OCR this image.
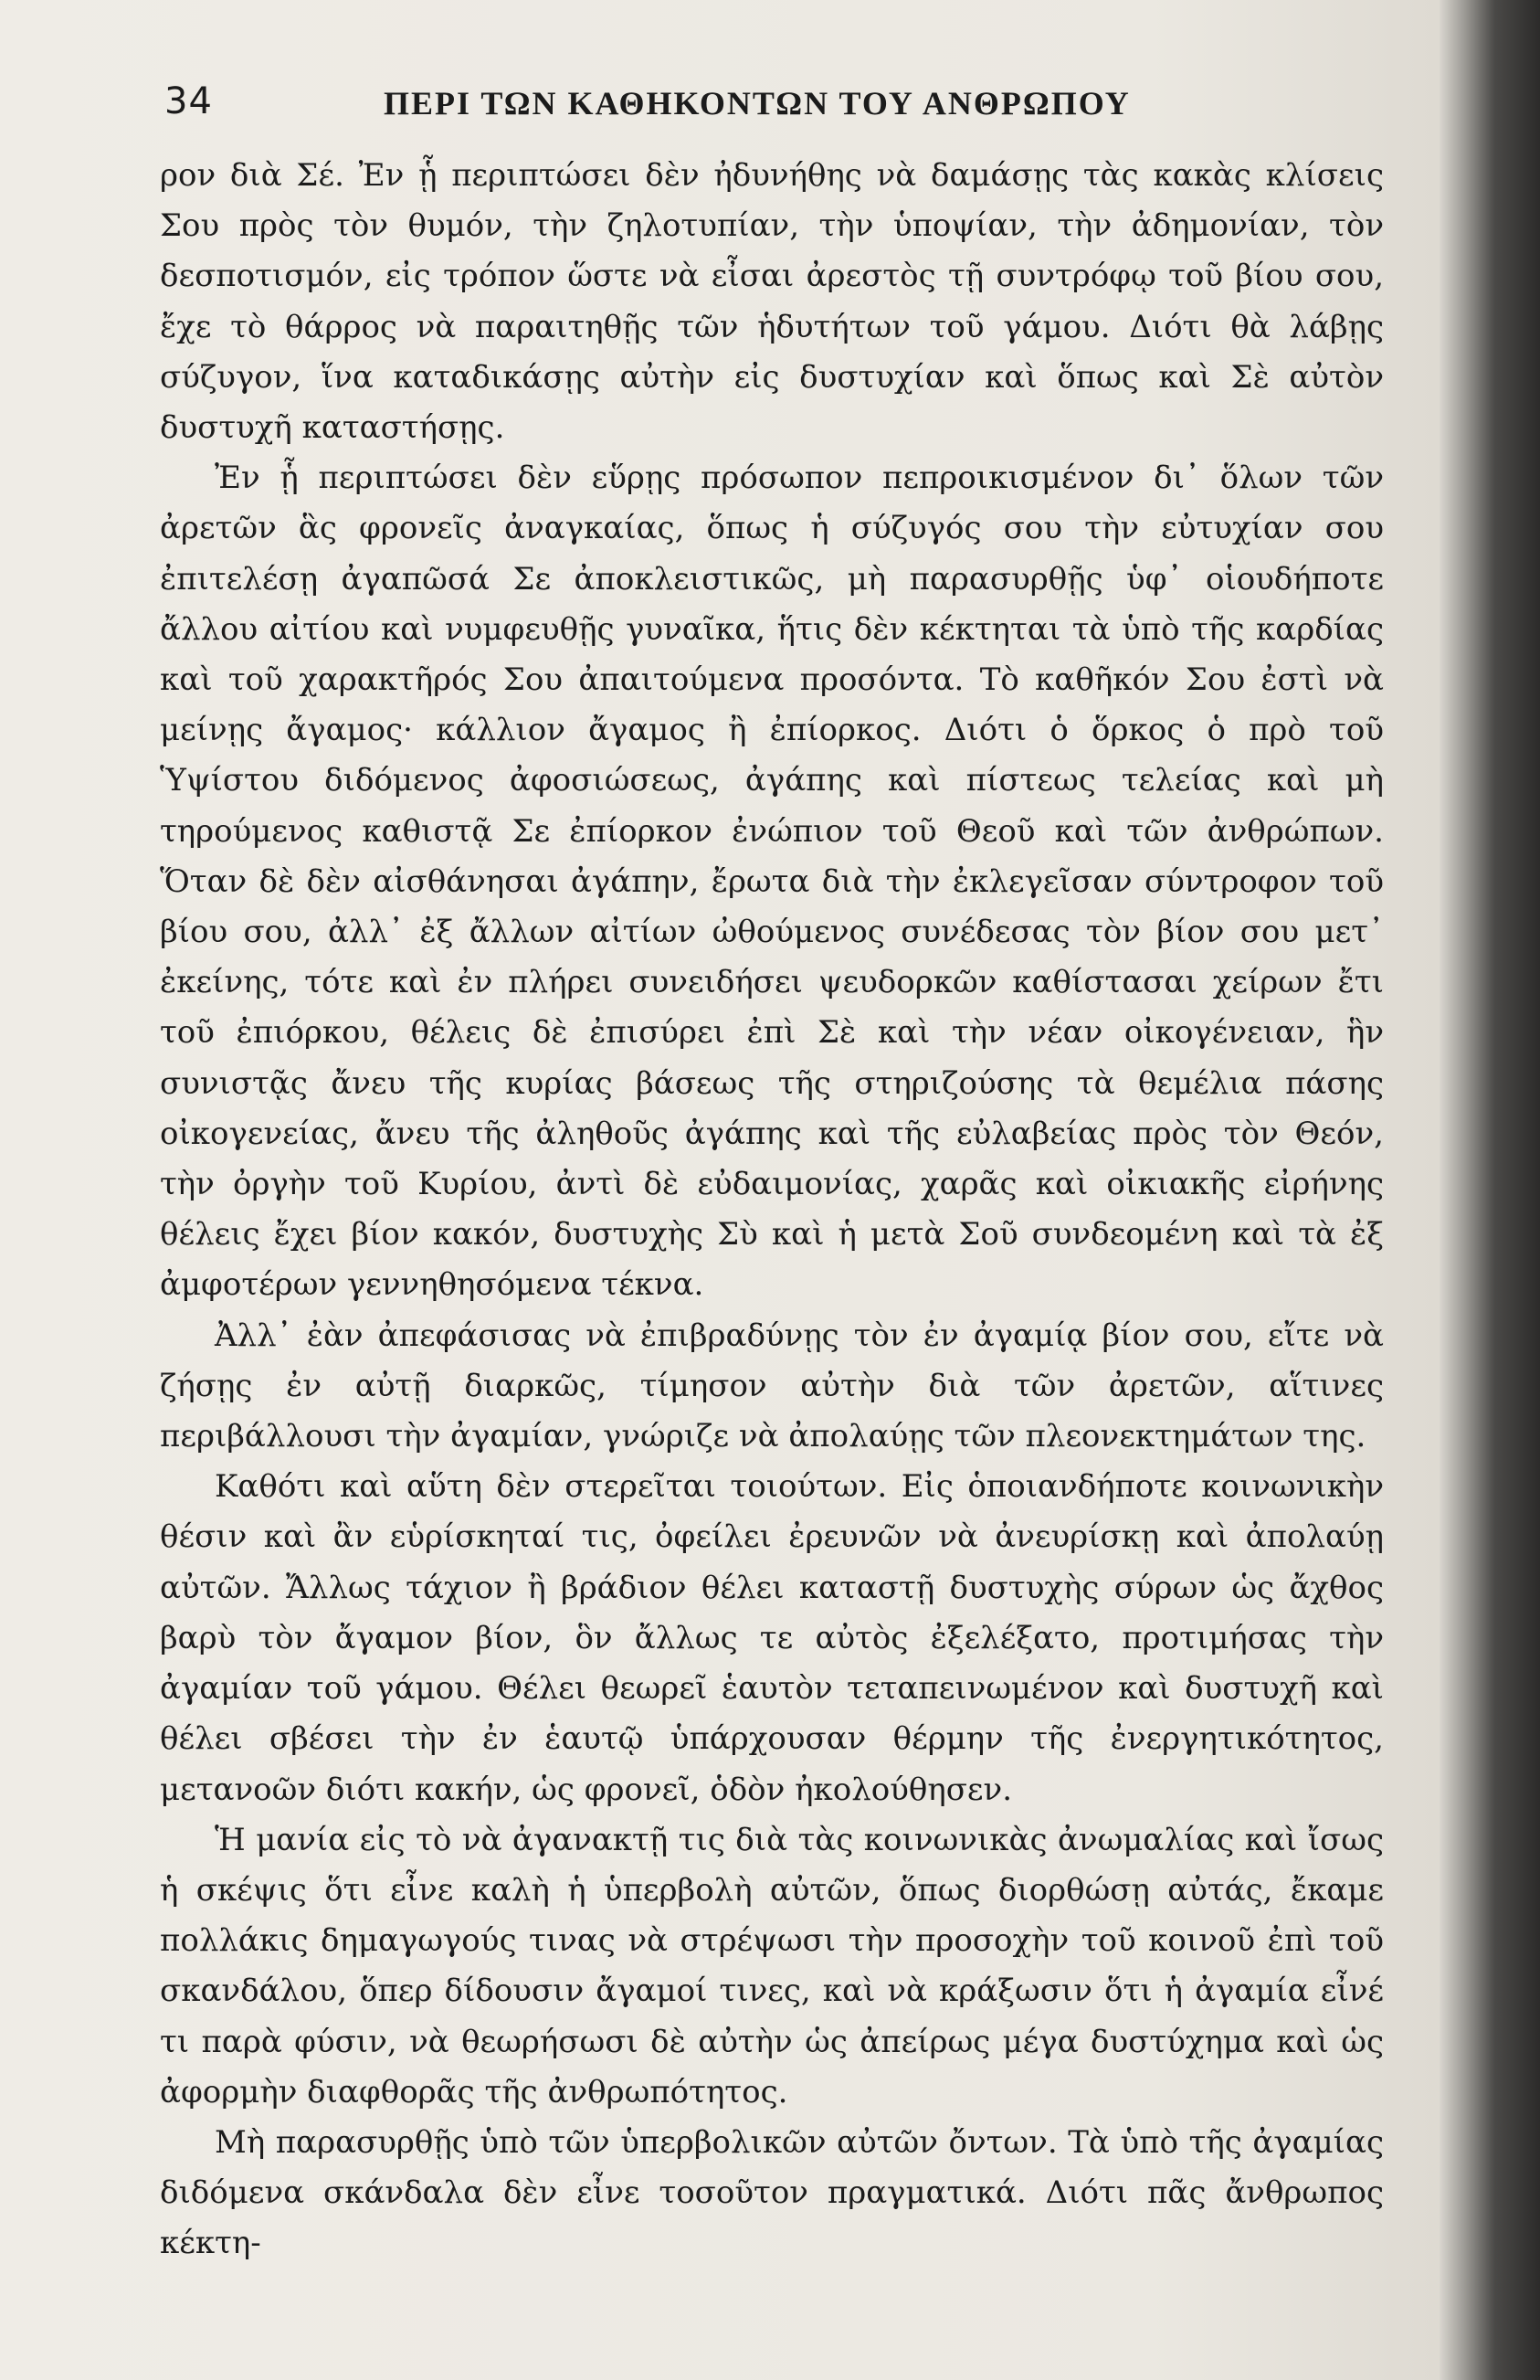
34	ΠΕΡΙ ΤΩΝ ΚΑΘΗΚΟΝΤΩΝ ΤΟΥ ΑΝΘΡΩΠΟΥ

ρον διὰ Σέ. Ἐν ᾗ περιπτώσει δὲν ἠδυνήθης νὰ δαμάσῃς τὰς κακὰς κλίσεις Σου πρὸς τὸν θυμόν, τὴν ζηλοτυπίαν, τὴν ὑποψίαν, τὴν ἀδημονίαν, τὸν δεσποτισμόν, εἰς τρόπον ὥστε νὰ εἶσαι ἀρεστὸς τῇ συντρόφῳ τοῦ βίου σου, ἔχε τὸ θάρρος νὰ παραιτηθῇς τῶν ἡδυτήτων τοῦ γάμου. Διότι θὰ λάβῃς σύζυγον, ἵνα καταδικάσῃς αὐτὴν εἰς δυστυχίαν καὶ ὅπως καὶ Σὲ αὐτὸν δυστυχῆ καταστήσῃς.

Ἐν ᾗ περιπτώσει δὲν εὕρῃς πρόσωπον πεπροικισμένον δι᾽ ὅλων τῶν ἀρετῶν ἃς φρονεῖς ἀναγκαίας, ὅπως ἡ σύζυγός σου τὴν εὐτυχίαν σου ἐπιτελέσῃ ἀγαπῶσά Σε ἀποκλειστικῶς, μὴ παρασυρθῇς ὑφ᾽ οἱουδήποτε ἄλλου αἰτίου καὶ νυμφευθῇς γυναῖκα, ἥτις δὲν κέκτηται τὰ ὑπὸ τῆς καρδίας καὶ τοῦ χαρακτῆρός Σου ἀπαιτούμενα προσόντα. Τὸ καθῆκόν Σου ἐστὶ νὰ μείνῃς ἄγαμος· κάλλιον ἄγαμος ἢ ἐπίορκος. Διότι ὁ ὅρκος ὁ πρὸ τοῦ Ὑψίστου διδόμενος ἀφοσιώσεως, ἀγάπης καὶ πίστεως τελείας καὶ μὴ τηρούμενος καθιστᾷ Σε ἐπίορκον ἐνώπιον τοῦ Θεοῦ καὶ τῶν ἀνθρώπων. Ὅταν δὲ δὲν αἰσθάνησαι ἀγάπην, ἔρωτα διὰ τὴν ἐκλεγεῖσαν σύντροφον τοῦ βίου σου, ἀλλ᾽ ἐξ ἄλλων αἰτίων ὠθούμενος συνέδεσας τὸν βίον σου μετ᾽ ἐκείνης, τότε καὶ ἐν πλήρει συνειδήσει ψευδορκῶν καθίστασαι χείρων ἔτι τοῦ ἐπιόρκου, θέλεις δὲ ἐπισύρει ἐπὶ Σὲ καὶ τὴν νέαν οἰκογένειαν, ἣν συνιστᾷς ἄνευ τῆς κυρίας βάσεως τῆς στηριζούσης τὰ θεμέλια πάσης οἰκογενείας, ἄνευ τῆς ἀληθοῦς ἀγάπης καὶ τῆς εὐλαβείας πρὸς τὸν Θεόν, τὴν ὀργὴν τοῦ Κυρίου, ἀντὶ δὲ εὐδαιμονίας, χαρᾶς καὶ οἰκιακῆς εἰρήνης θέλεις ἔχει βίον κακόν, δυστυχὴς Σὺ καὶ ἡ μετὰ Σοῦ συνδεομένη καὶ τὰ ἐξ ἀμφοτέρων γεννηθησόμενα τέκνα.

Ἀλλ᾽ ἐὰν ἀπεφάσισας νὰ ἐπιβραδύνῃς τὸν ἐν ἀγαμίᾳ βίον σου, εἴτε νὰ ζήσῃς ἐν αὐτῇ διαρκῶς, τίμησον αὐτὴν διὰ τῶν ἀρετῶν, αἵτινες περιβάλλουσι τὴν ἀγαμίαν, γνώριζε νὰ ἀπολαύῃς τῶν πλεονεκτημάτων της.

Καθότι καὶ αὕτη δὲν στερεῖται τοιούτων. Εἰς ὁποιανδήποτε κοινωνικὴν θέσιν καὶ ἂν εὑρίσκηταί τις, ὀφείλει ἐρευνῶν νὰ ἀνευρίσκῃ καὶ ἀπολαύῃ αὐτῶν. Ἄλλως τάχιον ἢ βράδιον θέλει καταστῇ δυστυχὴς σύρων ὡς ἄχθος βαρὺ τὸν ἄγαμον βίον, ὃν ἄλλως τε αὐτὸς ἐξελέξατο, προτιμήσας τὴν ἀγαμίαν τοῦ γάμου. Θέλει θεωρεῖ ἑαυτὸν τεταπεινωμένον καὶ δυστυχῆ καὶ θέλει σβέσει τὴν ἐν ἑαυτῷ ὑπάρχουσαν θέρμην τῆς ἐνεργητικότητος, μετανοῶν διότι κακήν, ὡς φρονεῖ, ὁδὸν ἠκολούθησεν.

Ἡ μανία εἰς τὸ νὰ ἀγανακτῇ τις διὰ τὰς κοινωνικὰς ἀνωμαλίας καὶ ἴσως ἡ σκέψις ὅτι εἶνε καλὴ ἡ ὑπερβολὴ αὐτῶν, ὅπως διορθώσῃ αὐτάς, ἔκαμε πολλάκις δημαγωγούς τινας νὰ στρέψωσι τὴν προσοχὴν τοῦ κοινοῦ ἐπὶ τοῦ σκανδάλου, ὅπερ δίδουσιν ἄγαμοί τινες, καὶ νὰ κράξωσιν ὅτι ἡ ἀγαμία εἶνέ τι παρὰ φύσιν, νὰ θεωρήσωσι δὲ αὐτὴν ὡς ἀπείρως μέγα δυστύχημα καὶ ὡς ἀφορμὴν διαφθορᾶς τῆς ἀνθρωπότητος.

Μὴ παρασυρθῇς ὑπὸ τῶν ὑπερβολικῶν αὐτῶν ὄντων. Τὰ ὑπὸ τῆς ἀγαμίας διδόμενα σκάνδαλα δὲν εἶνε τοσοῦτον πραγματικά. Διότι πᾶς ἄνθρωπος κέκτη-
